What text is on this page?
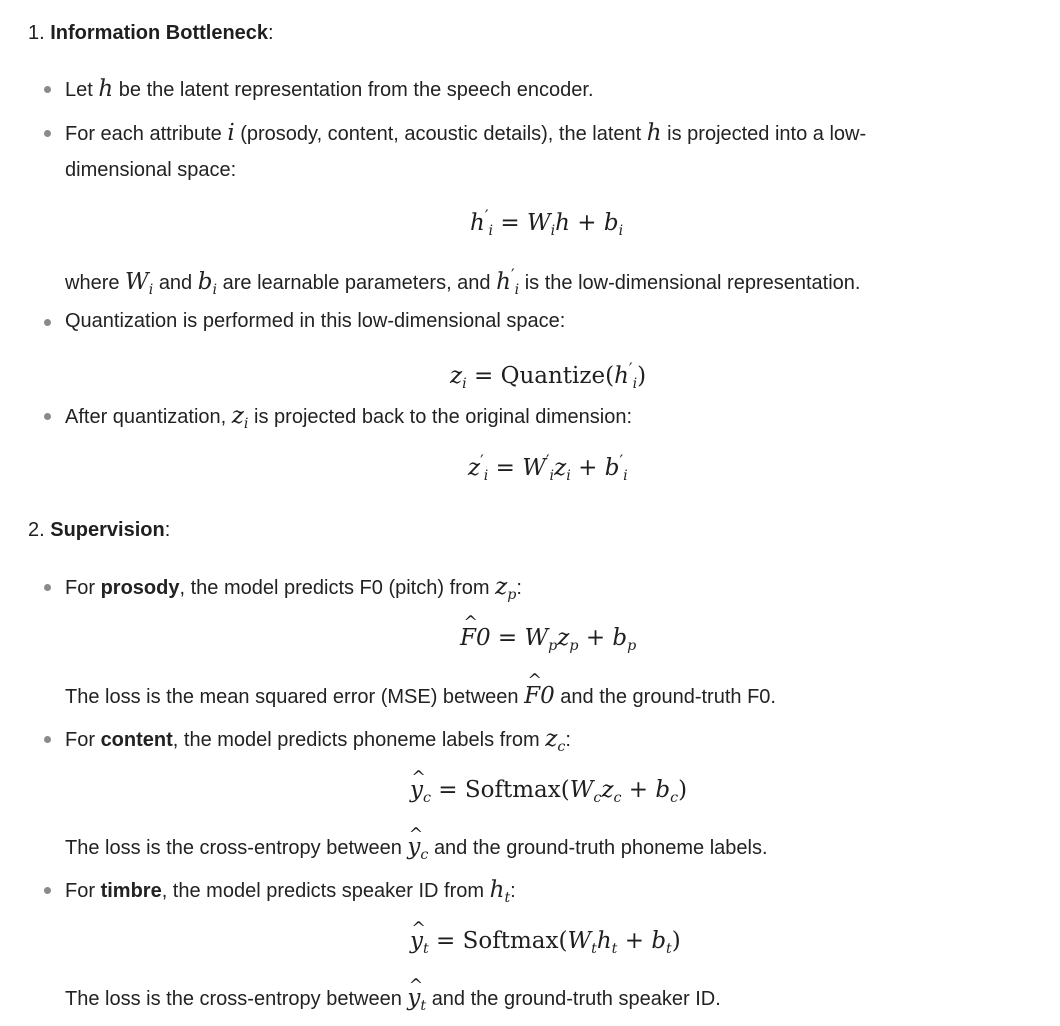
1. Information Bottleneck:
Let h be the latent representation from the speech encoder.
For each attribute i (prosody, content, acoustic details), the latent h is projected into a low-
dimensional space:
$h'_i = W_ih + b_i$
where $W_i$ and $b_i$ are learnable parameters, and $h'_i$ is the low-dimensional representation.
Quantization is performed in this low-dimensional space:
$z_i$ = $Quantize(h'_i)$
After quantization, $z_i$ is projected back to the original dimension:
$z'_i = W'_iz_i + b'_i$
2. Supervision:
For prosody, the model predicts F0 (pitch) from $z_p$:
^ $F0 = W_pz_p + b_p$
The loss is the mean squared error (MSE) between ^ F0 and the ground-truth F0.
For content, the model predicts phoneme labels from $z_c$:
^ $y_c$ = $Softmax(W_cz_c + b_c)$
The loss is the cross-entropy between ^ $y_c$ and the ground-truth phoneme labels.
For timbre, the model predicts speaker ID from $h_t$:
^ $y_t$ = $Softmax(W_th_t + b_t)$
The loss is the cross-entropy between ^ $y_t$ and the ground-truth speaker ID.
